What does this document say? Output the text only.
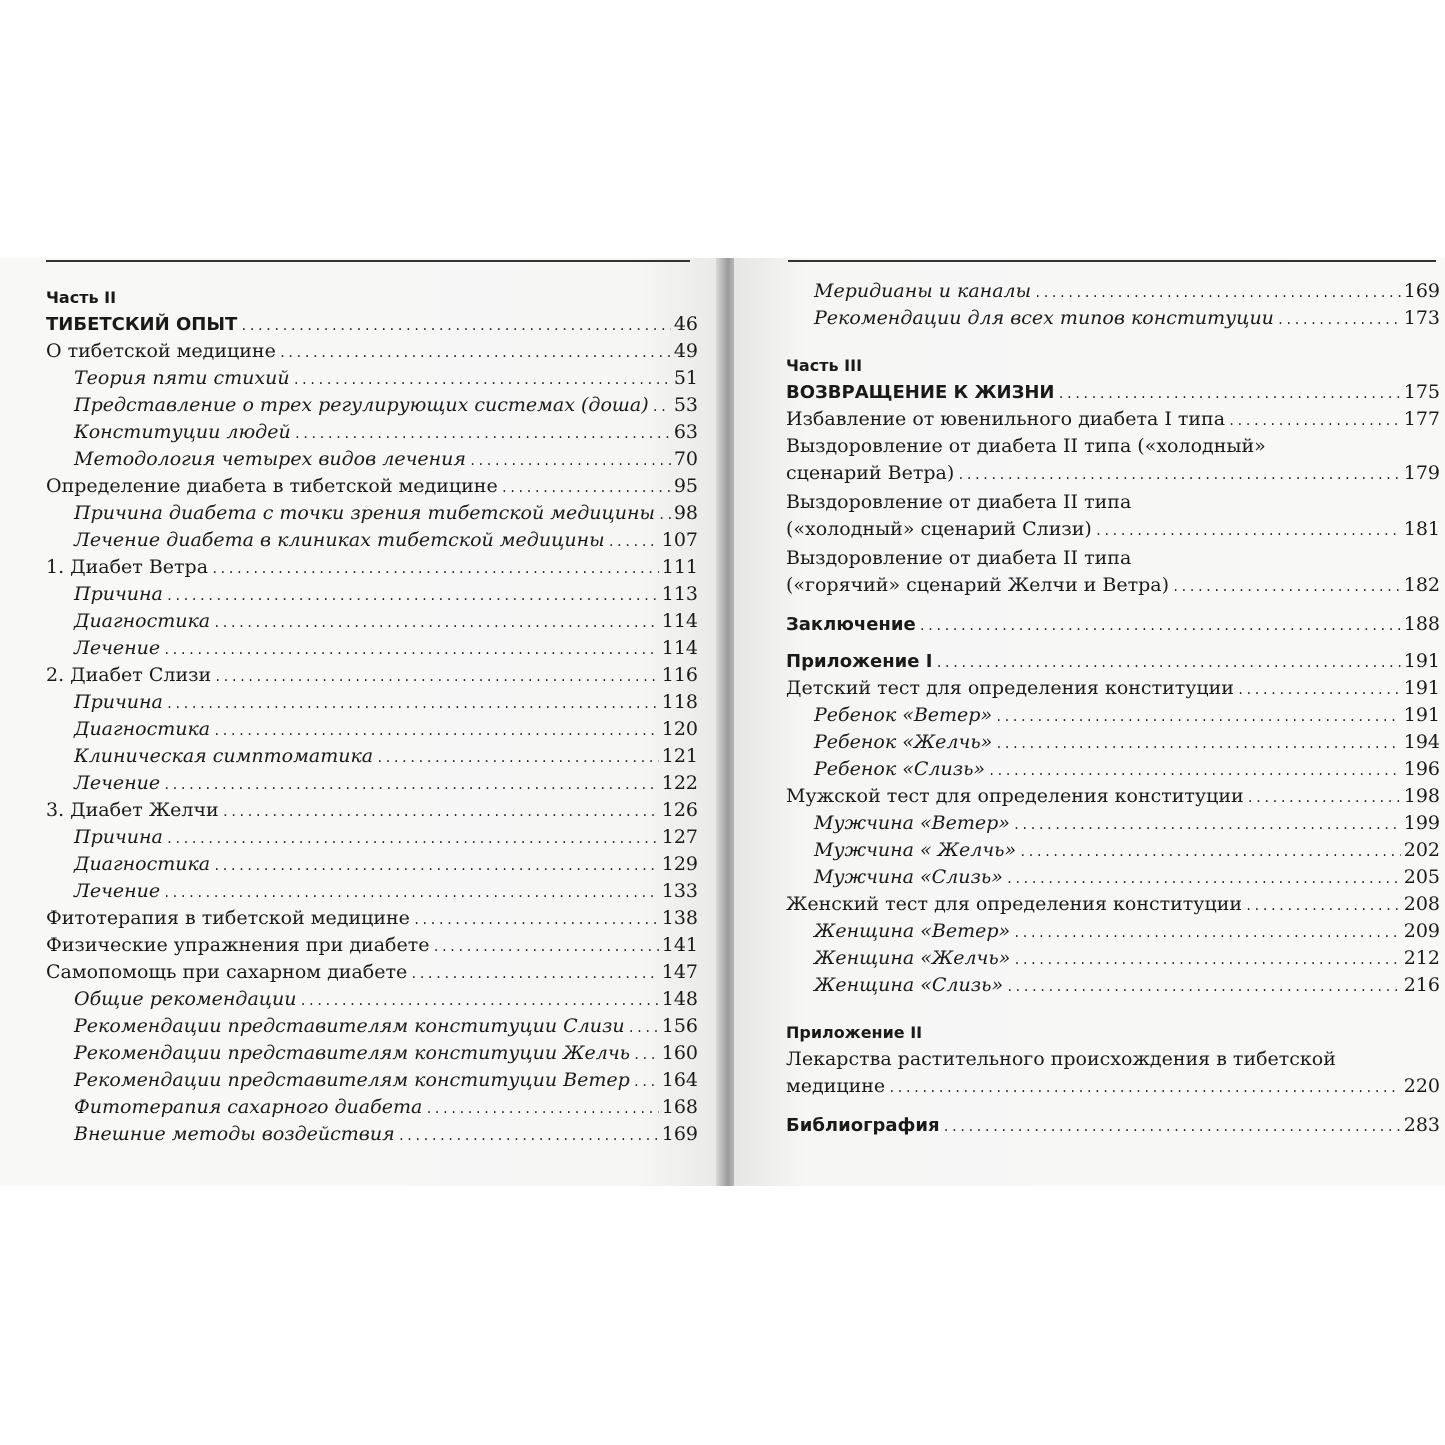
Часть II
ТИБЕТСКИЙ ОПЫТ .....	46
О тибетской медицине .....	49
Теория пяти стихий .....	51
Представление о трех регулирующих системах (доша) ..... 53
Конституции людей .....	63
Методология четырех видов лечения .....	70
Определение диабета в тибетской медицине .....	95
Причина диабета с точки зрения тибетской медицины ..... 98
Лечение диабета в клиниках тибетской медицины .....	107
1. Диабет Ветра .....	111
Причина .....	113
Диагностика .....	114
Лечение .....	114
2. Диабет Слизи .....	116
Причина .....	118
Диагностика .....	120
Клиническая симптоматика .....	121
Лечение .....	122
3. Диабет Желчи .....	126
Причина .....	127
Диагностика .....	129
Лечение .....	133
Фитотерапия в тибетской медицине .....	138
Физические упражнения при диабете .....	141
Самопомощь при сахарном диабете .....	147
Общие рекомендации .....	148
Рекомендации представителям конституции Слизи ..... 156
Рекомендации представителям конституции Желчь ..... 160
Рекомендации представителям конституции Ветер ..... 164
Фитотерапия сахарного диабета .....	168
Внешние методы воздействия .....	169
Меридианы и каналы .....	169
Рекомендации для всех типов конституции .....	173
Часть III
ВОЗВРАЩЕНИЕ К ЖИЗНИ .....	175
Избавление от ювенильного диабета I типа .....	177
Выздоровление от диабета II типа («холодный»
сценарий Ветра) .....	179
Выздоровление от диабета II типа
(«холодный» сценарий Слизи) .....	181
Выздоровление от диабета II типа
(«горячий» сценарий Желчи и Ветра) .....	182
Заключение .....	188
Приложение I .....	191
Детский тест для определения конституции .....	191
Ребенок «Ветер» .....	191
Ребенок «Желчь» .....	194
Ребенок «Слизь» .....	196
Мужской тест для определения конституции .....	198
Мужчина «Ветер» .....	199
Мужчина « Желчь» .....	202
Мужчина «Слизь» .....	205
Женский тест для определения конституции .....	208
Женщина «Ветер» .....	209
Женщина «Желчь» .....	212
Женщина «Слизь» .....	216
Приложение II
Лекарства растительного происхождения в тибетской
медицине .....	220
Библиография .....	283
